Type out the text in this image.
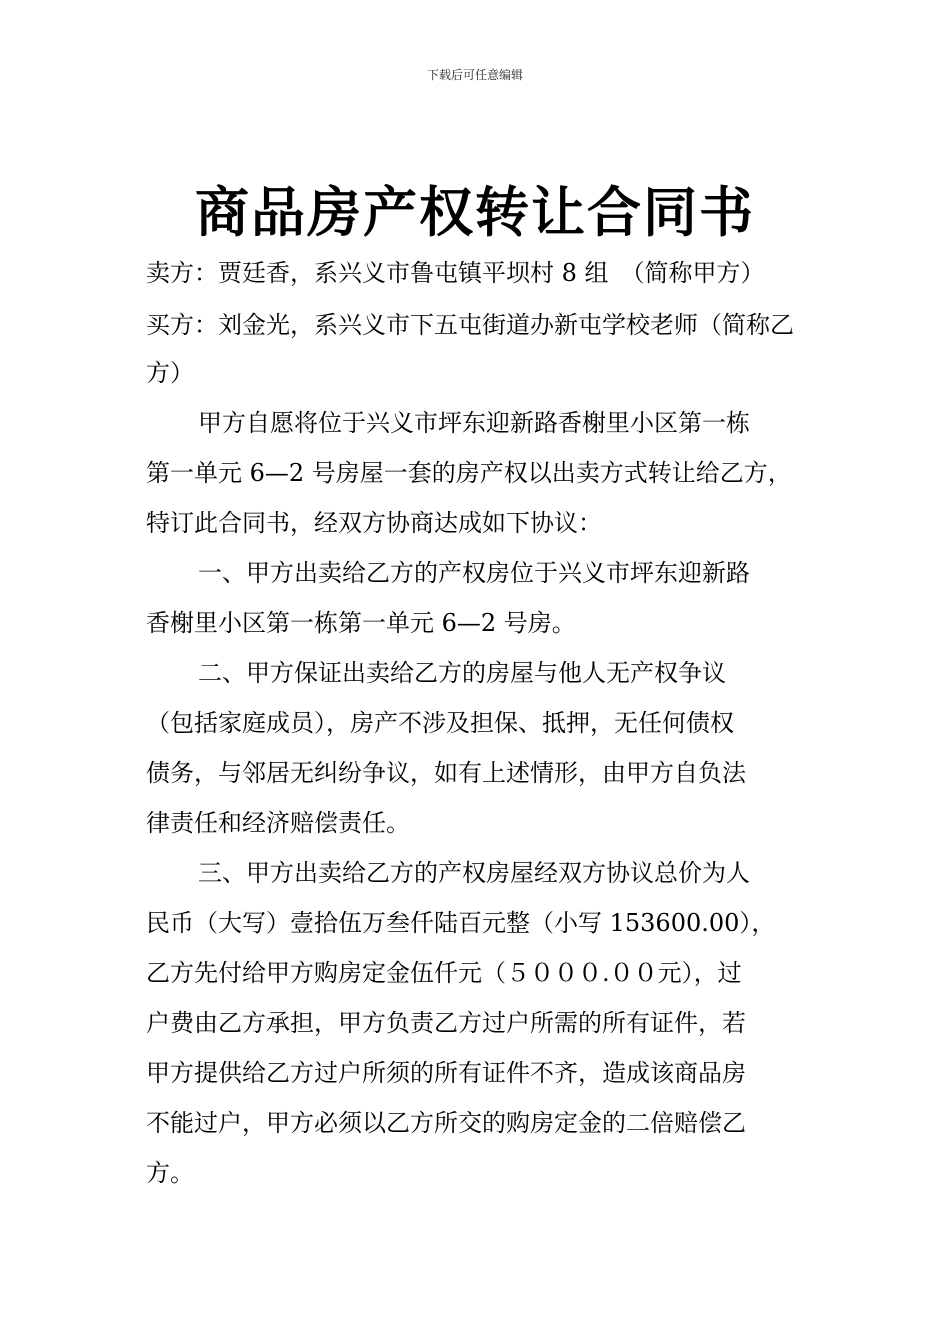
下载后可任意编辑
商品房产权转让合同书
卖方：贾廷香，系兴义市鲁屯镇平坝村 8 组　（简称甲方）
买方：刘金光，系兴义市下五屯街道办新屯学校老师（简称乙
方）
甲方自愿将位于兴义市坪东迎新路香榭里小区第一栋
第一单元 6—2 号房屋一套的房产权以出卖方式转让给乙方，
特订此合同书，经双方协商达成如下协议：
一、甲方出卖给乙方的产权房位于兴义市坪东迎新路
香榭里小区第一栋第一单元 6—2 号房。
二、甲方保证出卖给乙方的房屋与他人无产权争议
（包括家庭成员），房产不涉及担保、抵押，无任何债权
债务，与邻居无纠纷争议，如有上述情形，由甲方自负法
律责任和经济赔偿责任。
三、甲方出卖给乙方的产权房屋经双方协议总价为人
民币（大写）壹拾伍万叁仟陆百元整（小写 153600.00），
乙方先付给甲方购房定金伍仟元（５０００.００元），过
户费由乙方承担，甲方负责乙方过户所需的所有证件，若
甲方提供给乙方过户所须的所有证件不齐，造成该商品房
不能过户，甲方必须以乙方所交的购房定金的二倍赔偿乙
方。
